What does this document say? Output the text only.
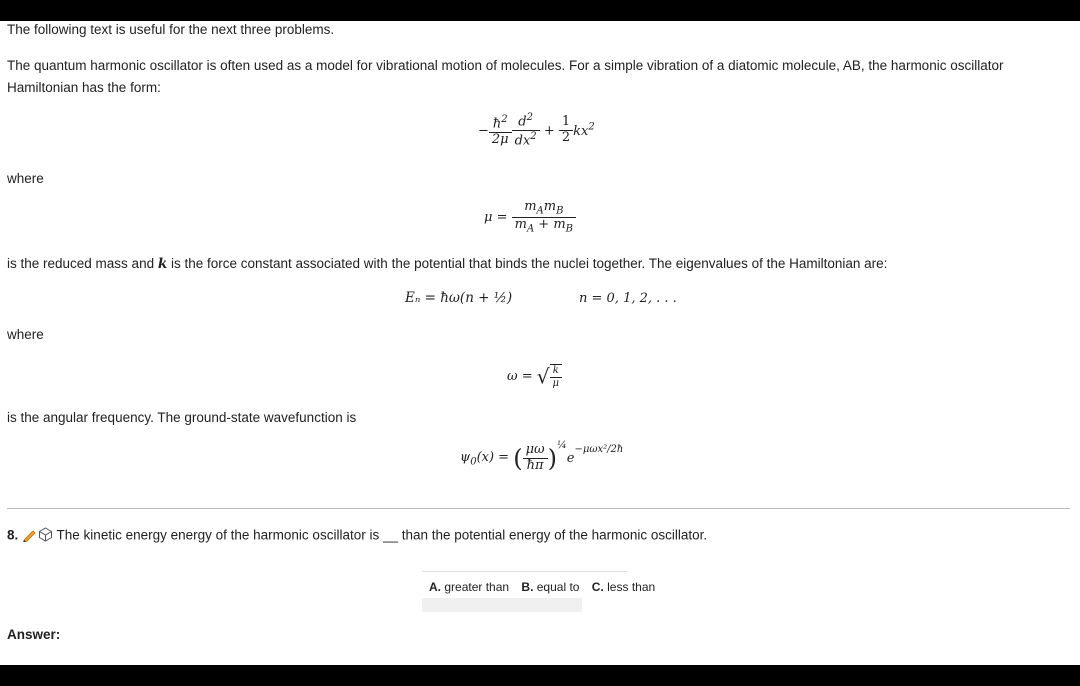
The following text is useful for the next three problems.
The quantum harmonic oscillator is often used as a model for vibrational motion of molecules. For a simple vibration of a diatomic molecule, AB, the harmonic oscillator
Hamiltonian has the form:
− $\frac{ħ^2}{2\mu} \frac{d^2}{dx^2} + \frac{1}{2} kx^2$
where
$\mu = \frac{m_Am_B}{m_A + m_B}$
is the reduced mass and k is the force constant associated with the potential that binds the nuclei together. The eigenvalues of the Hamiltonian are:
Eₙ = ħω(n + ½)	n = 0, 1, 2, . . .
where
ω = √ $\frac{k}{\mu}$
is the angular frequency. The ground-state wavefunction is
$\psi_0(x)$ = ( $\frac{\mu\omega}{ħ\pi} )^{\frac{1}{4}}e^{-\mu\omega x^2/2ħ}$
8.	The kinetic energy energy of the harmonic oscillator is __ than the potential energy of the harmonic oscillator.
A. greater than B. equal to C. less than
Answer:
